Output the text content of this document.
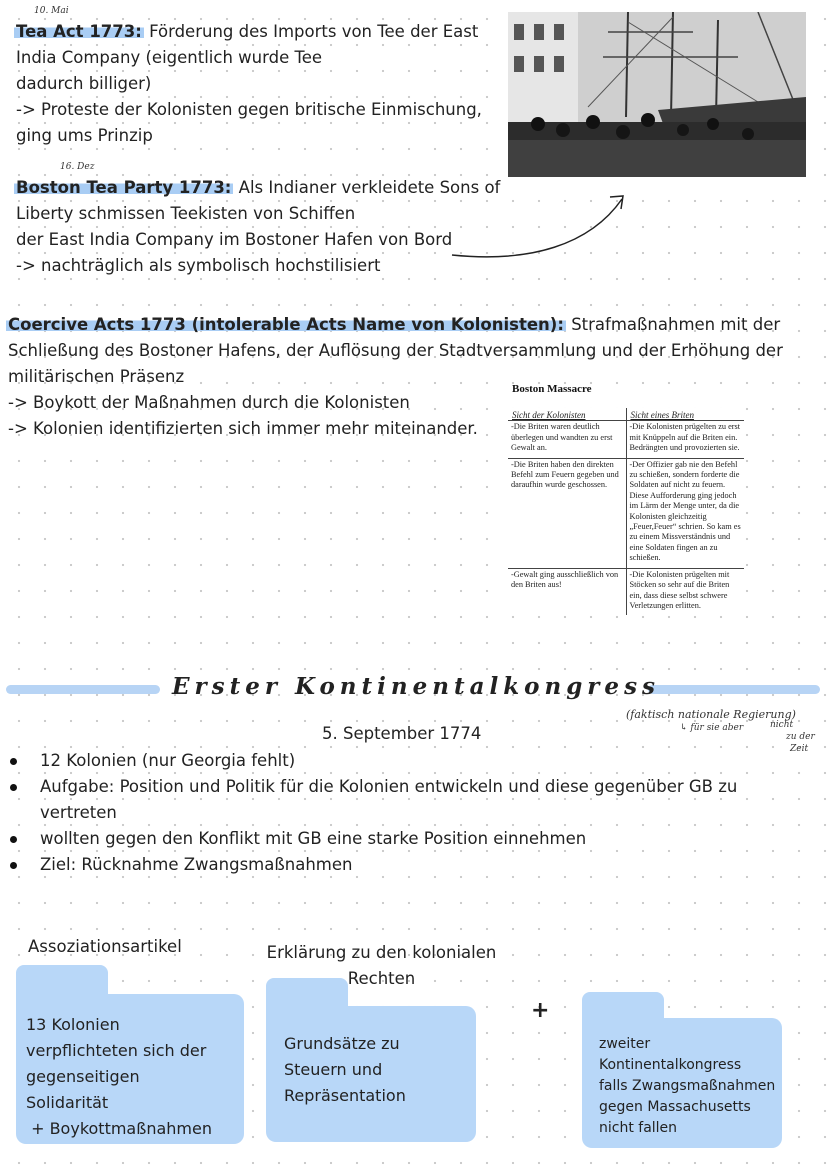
10. Mai
Tea Act 1773: Förderung des Imports von Tee der East
India Company (eigentlich wurde Tee
dadurch billiger)
-> Proteste der Kolonisten gegen britische Einmischung,
ging ums Prinzip
16. Dez
Boston Tea Party 1773: Als Indianer verkleidete Sons of
Liberty schmissen Teekisten von Schiffen
der East India Company im Bostoner Hafen von Bord
-> nachträglich als symbolisch hochstilisiert
Coercive Acts 1773 (intolerable Acts Name von Kolonisten): Strafmaßnahmen mit der
Schließung des Bostoner Hafens, der Auflösung der Stadtversammlung und der Erhöhung der
militärischen Präsenz
-> Boykott der Maßnahmen durch die Kolonisten
-> Kolonien identifizierten sich immer mehr miteinander.
Boston Massacre
Sicht der Kolonisten	Sicht eines Briten
-Die Briten waren deutlich überlegen und wandten zu erst Gewalt an.	-Die Kolonisten prügelten zu erst mit Knüppeln auf die Briten ein. Bedrängten und provozierten sie.
-Die Briten haben den direkten Befehl zum Feuern gegeben und daraufhin wurde geschossen.	-Der Offizier gab nie den Befehl zu schießen, sondern forderte die Soldaten auf nicht zu feuern. Diese Aufforderung ging jedoch im Lärm der Menge unter, da die Kolonisten gleichzeitig „Feuer,Feuer“ schrien. So kam es zu einem Missverständnis und eine Soldaten fingen an zu schießen.
-Gewalt ging ausschließlich von den Briten aus!	-Die Kolonisten prügelten mit Stöcken so sehr auf die Briten ein, dass diese selbst schwere Verletzungen erlitten.
Erster Kontinentalkongress
5. September 1774
(faktisch nationale Regierung)
↳ für sie aber	nicht
zu der
Zeit
12 Kolonien (nur Georgia fehlt)
Aufgabe: Position und Politik für die Kolonien entwickeln und diese gegenüber GB zu vertreten
wollten gegen den Konflikt mit GB eine starke Position einnehmen
Ziel: Rücknahme Zwangsmaßnahmen
Assoziationsartikel
13 Kolonien
verpflichteten sich der
gegenseitigen
Solidarität
+ Boykottmaßnahmen
Erklärung zu den kolonialen
Rechten
Grundsätze zu
Steuern und
Repräsentation
+
zweiter
Kontinentalkongress
falls Zwangsmaßnahmen
gegen Massachusetts
nicht fallen
